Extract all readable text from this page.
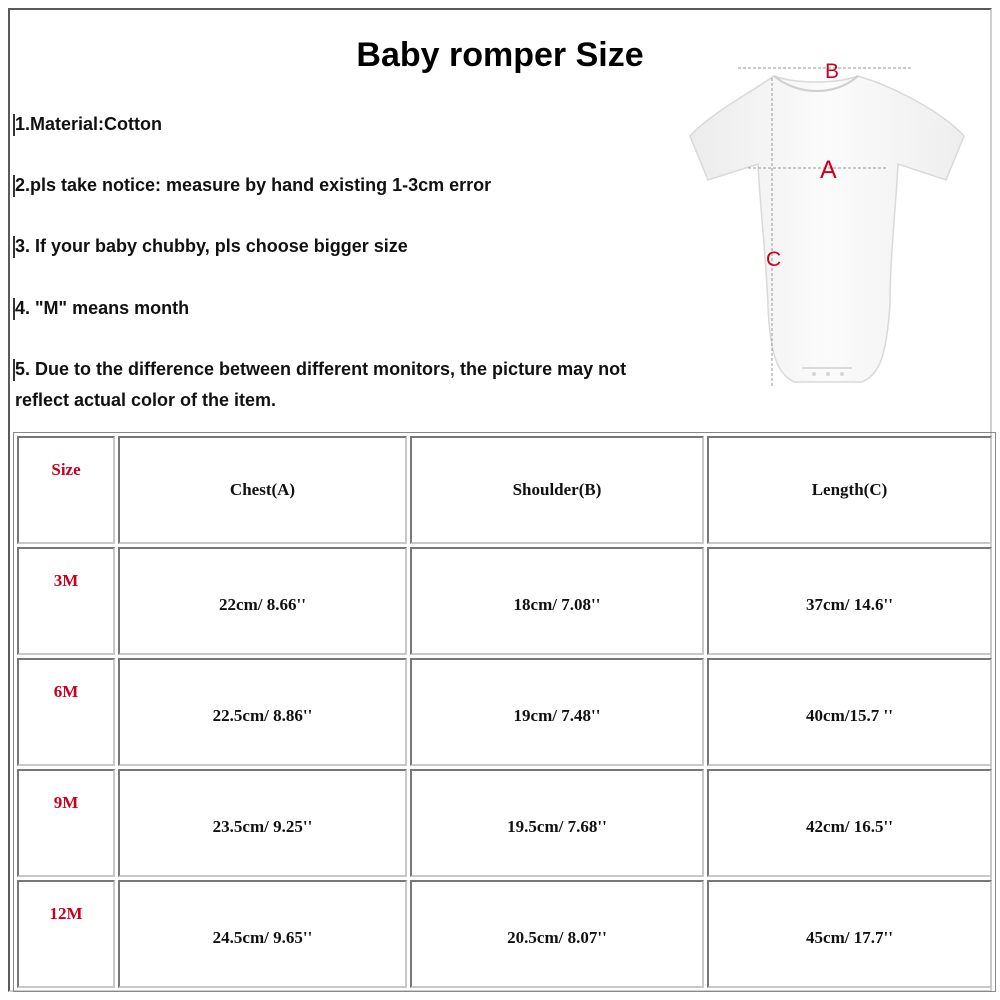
Baby romper Size

1.Material:Cotton

2.pls take notice: measure by hand existing 1-3cm error

3. If your baby chubby, pls choose bigger size

4. "M" means month

5. Due to the difference between different monitors, the picture may not

reflect actual color of the item.

B
A
C
Size	Chest(A)	Shoulder(B)	Length(C)
3M	22cm/ 8.66''	18cm/ 7.08''	37cm/ 14.6''
6M	22.5cm/ 8.86''	19cm/ 7.48''	40cm/15.7 ''
9M	23.5cm/ 9.25''	19.5cm/ 7.68''	42cm/ 16.5''
12M	24.5cm/ 9.65''	20.5cm/ 8.07''	45cm/ 17.7''
